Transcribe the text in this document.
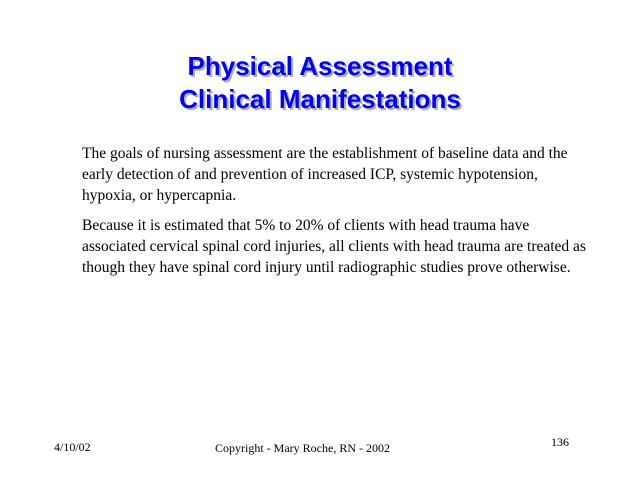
Physical Assessment
Clinical Manifestations

The goals of nursing assessment are the establishment of baseline data and the early detection of and prevention of increased ICP, systemic hypotension, hypoxia, or hypercapnia.

Because it is estimated that 5% to 20% of clients with head trauma have associated cervical spinal cord injuries, all clients with head trauma are treated as though they have spinal cord injury until radiographic studies prove otherwise.

4/10/02	Copyright - Mary Roche, RN - 2002	136
